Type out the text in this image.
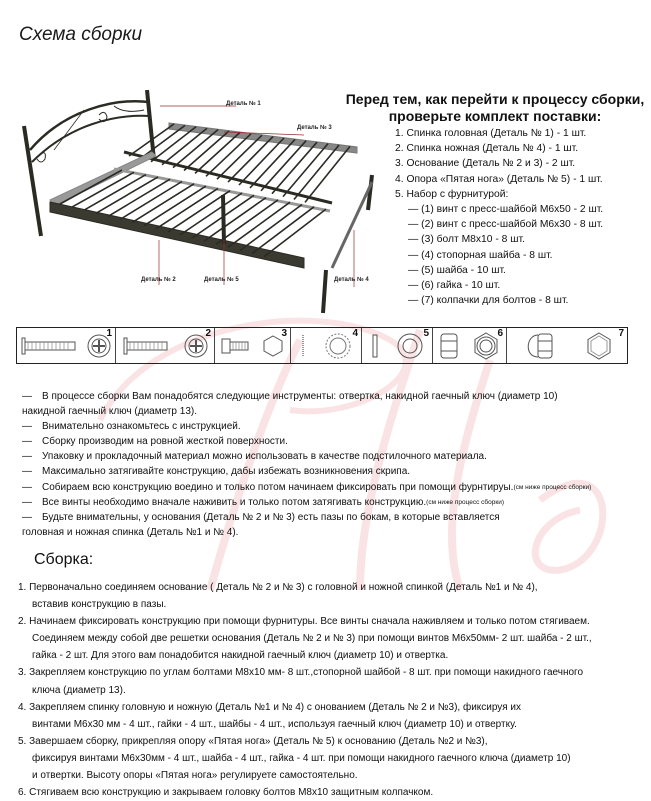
Схема сборки
Деталь № 1
Деталь № 3
Деталь № 2	Деталь № 5	Деталь № 4
Перед тем, как перейти к процессу сборки,
проверьте комплект поставки:
1. Спинка головная (Деталь № 1) - 1 шт.
2. Спинка ножная (Деталь № 4) - 1 шт.
3. Основание (Деталь № 2 и 3) - 2 шт.
4. Опора «Пятая нога» (Деталь № 5) - 1 шт.
5. Набор с фурнитурой:
— (1) винт с пресс-шайбой М6х50 - 2 шт.
— (2) винт с пресс-шайбой М6х30 - 8 шт.
— (3) болт М8х10 - 8 шт.
— (4) стопорная шайба - 8 шт.
— (5) шайба - 10 шт.
— (6) гайка - 10 шт.
— (7) колпачки для болтов - 8 шт.
1	2	3	4	5	6	7
—	В процессе сборки Вам понадобятся следующие инструменты: отвертка, накидной гаечный ключ (диаметр 10)
накидной гаечный ключ (диаметр 13).
—	Внимательно ознакомьтесь с инструкцией.
—	Сборку производим на ровной жесткой поверхности.
—	Упаковку и прокладочный материал можно использовать в качестве подстилочного материала.
—	Максимально затягивайте конструкцию, дабы избежать возникновения скрипа.
—	Собираем всю конструкцию воедино и только потом начинаем фиксировать при помощи фурнтируы. (см ниже процесс сборки)
—	Все винты необходимо вначале наживить и только потом затягивать конструкцию. (см ниже процесс сборки)
—	Будьте внимательны, у основания (Деталь № 2 и № 3) есть пазы по бокам, в которые вставляется
головная и ножная спинка (Деталь №1 и № 4).
Сборка:
1. Первоначально соединяем основание ( Деталь № 2 и № 3) с головной и ножной спинкой (Деталь №1 и № 4),
вставив конструкцию в пазы.
2. Начинаем фиксировать конструкцию при помощи фурнитуры. Все винты сначала наживляем и только потом стягиваем.
Соединяем между собой две решетки основания (Деталь № 2 и № 3) при помощи винтов М6х50мм- 2 шт. шайба - 2 шт.,
гайка - 2 шт. Для этого вам понадобится накидной гаечный ключ (диаметр 10) и отвертка.
3. Закрепляем конструкцию по углам болтами М8х10 мм- 8 шт.,стопорной шайбой - 8 шт. при помощи накидного гаечного
ключа (диаметр 13).
4. Закрепляем спинку головную и ножную (Деталь №1 и № 4) с онованием (Деталь № 2 и №3), фиксируя их
винтами М6х30 мм - 4 шт., гайки - 4 шт., шайбы - 4 шт., используя гаечный ключ (диаметр 10) и отвертку.
5. Завершаем сборку, прикрепляя опору «Пятая нога» (Деталь № 5) к основанию (Деталь №2 и №3),
фиксируя винтами М6х30мм - 4 шт., шайба - 4 шт., гайка - 4 шт. при помощи накидного гаечного ключа (диаметр 10)
и отвертки. Высоту опоры «Пятая нога» регулируете самостоятельно.
6. Стягиваем всю конструкцию и закрываем головку болтов М8х10 защитным колпачком.
